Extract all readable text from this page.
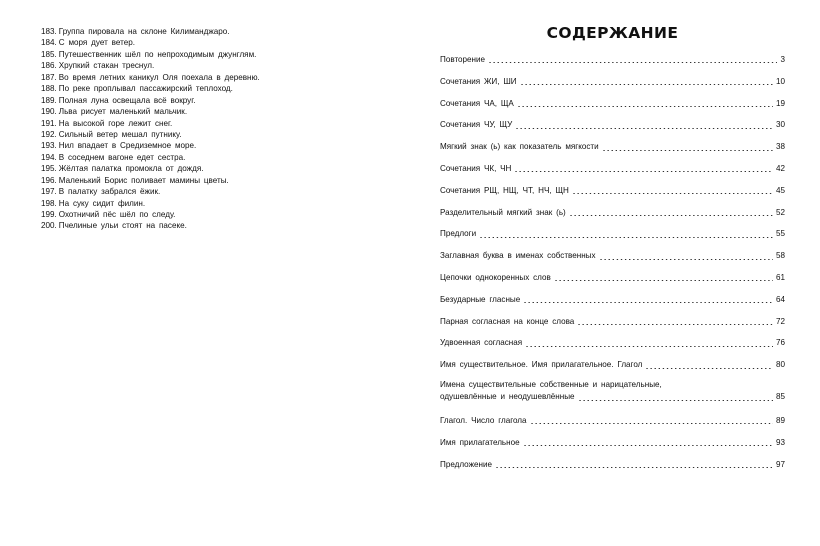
183. Группа пировала на склоне Килиманджаро.
184. С моря дует ветер.
185. Путешественник шёл по непроходимым джунглям.
186. Хрупкий стакан треснул.
187. Во время летних каникул Оля поехала в деревню.
188. По реке проплывал пассажирский теплоход.
189. Полная луна освещала всё вокруг.
190. Льва рисует маленький мальчик.
191. На высокой горе лежит снег.
192. Сильный ветер мешал путнику.
193. Нил впадает в Средиземное море.
194. В соседнем вагоне едет сестра.
195. Жёлтая палатка промокла от дождя.
196. Маленький Борис поливает мамины цветы.
197. В палатку забрался ёжик.
198. На суку сидит филин.
199. Охотничий пёс шёл по следу.
200. Пчелиные ульи стоят на пасеке.
СОДЕРЖАНИЕ
Повторение	3
Сочетания ЖИ, ШИ	10
Сочетания ЧА, ЩА	19
Сочетания ЧУ, ЩУ	30
Мягкий знак (ь) как показатель мягкости	38
Сочетания ЧК, ЧН	42
Сочетания РЩ, НЩ, ЧТ, НЧ, ЩН	45
Разделительный мягкий знак (ь)	52
Предлоги	55
Заглавная буква в именах собственных	58
Цепочки однокоренных слов	61
Безударные гласные	64
Парная согласная на конце слова	72
Удвоенная согласная	76
Имя существительное. Имя прилагательное. Глагол	80
Имена существительные собственные и нарицательные,
одушевлённые и неодушевлённые	85
Глагол. Число глагола	89
Имя прилагательное	93
Предложение	97
